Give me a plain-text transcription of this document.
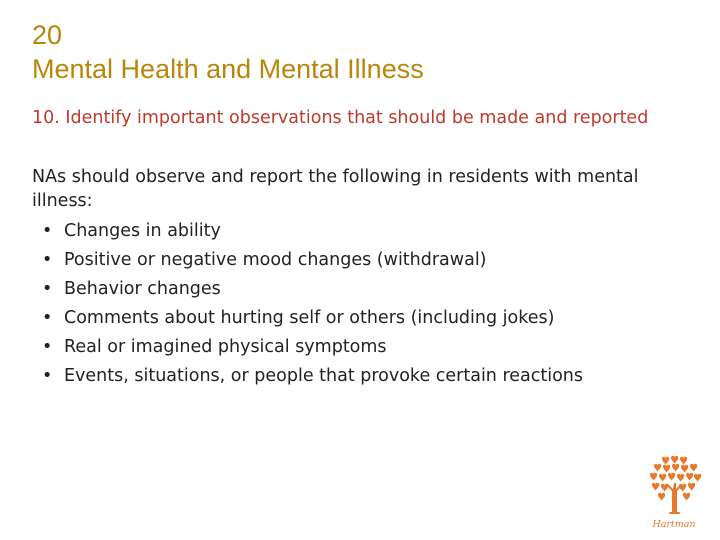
20
Mental Health and Mental Illness
10. Identify important observations that should be made and reported
NAs should observe and report the following in residents with mental illness:
• Changes in ability
• Positive or negative mood changes (withdrawal)
• Behavior changes
• Comments about hurting self or others (including jokes)
• Real or imagined physical symptoms
• Events, situations, or people that provoke certain reactions
Hartman
